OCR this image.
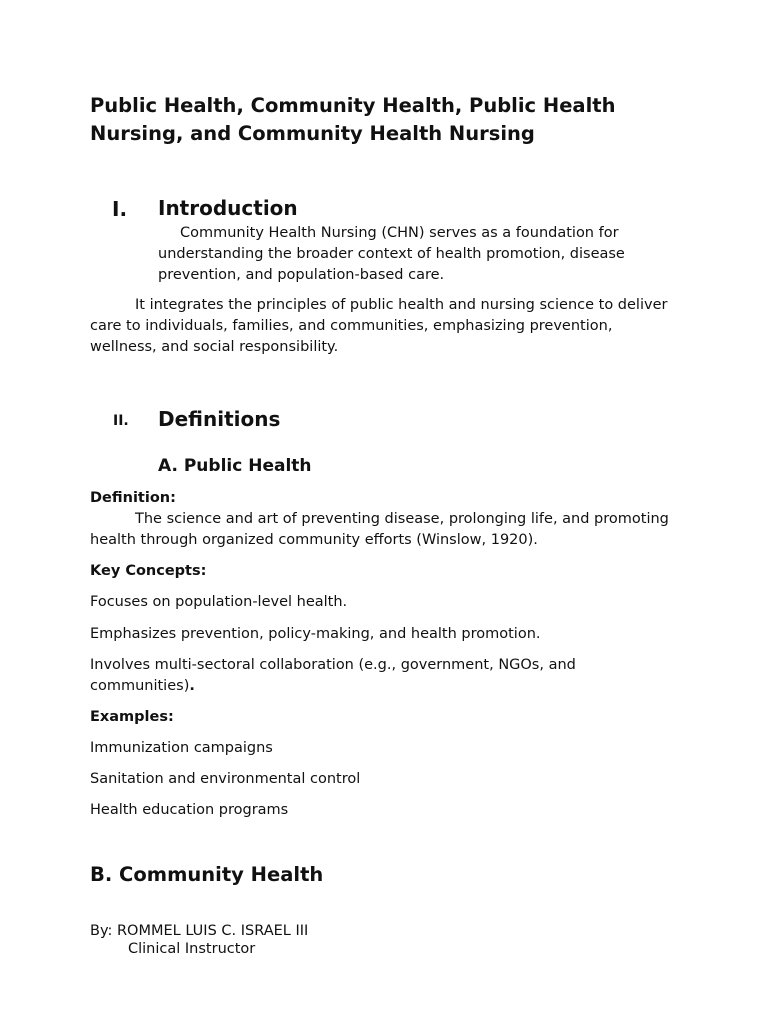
Public Health, Community Health, Public Health Nursing, and Community Health Nursing
I. Introduction

Community Health Nursing (CHN) serves as a foundation for understanding the broader context of health promotion, disease prevention, and population-based care.

It integrates the principles of public health and nursing science to deliver care to individuals, families, and communities, emphasizing prevention, wellness, and social responsibility.

II. Definitions
A. Public Health
Definition:

The science and art of preventing disease, prolonging life, and promoting health through organized community efforts (Winslow, 1920).

Key Concepts:
Focuses on population-level health.
Emphasizes prevention, policy-making, and health promotion.

Involves multi-sectoral collaboration (e.g., government, NGOs, and communities).

Examples:
Immunization campaigns
Sanitation and environmental control
Health education programs
B. Community Health
By: ROMMEL LUIS C. ISRAEL III
Clinical Instructor
